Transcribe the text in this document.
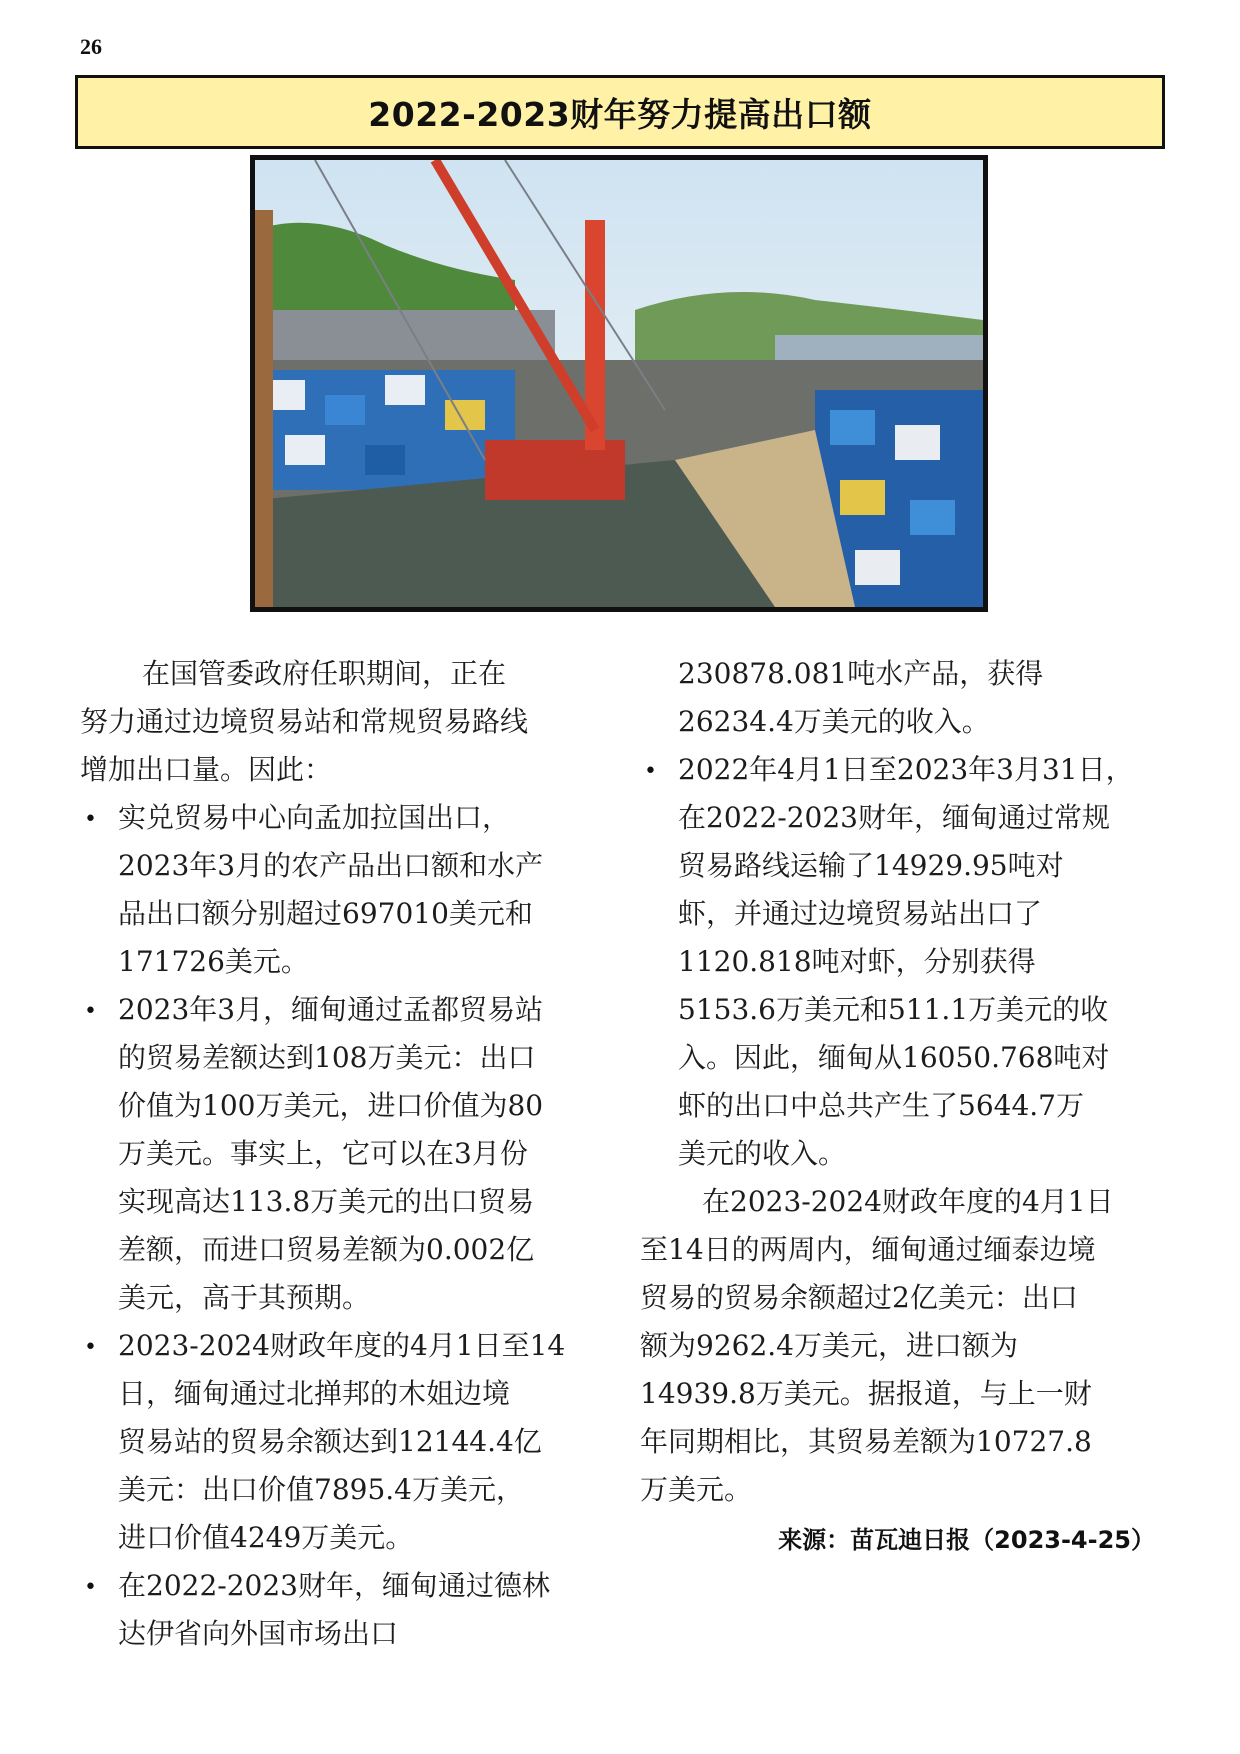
26
2022-2023财年努力提高出口额
在国管委政府任职期间，正在
努力通过边境贸易站和常规贸易路线
增加出口量。因此：
• 实兑贸易中心向孟加拉国出口，
2023年3月的农产品出口额和水产
品出口额分别超过697010美元和
171726美元。
• 2023年3月，缅甸通过孟都贸易站
的贸易差额达到108万美元：出口
价值为100万美元，进口价值为80
万美元。事实上，它可以在3月份
实现高达113.8万美元的出口贸易
差额，而进口贸易差额为0.002亿
美元，高于其预期。
• 2023-2024财政年度的4月1日至14
日，缅甸通过北掸邦的木姐边境
贸易站的贸易余额达到12144.4亿
美元：出口价值7895.4万美元，
进口价值4249万美元。
• 在2022-2023财年，缅甸通过德林
达伊省向外国市场出口
230878.081吨水产品，获得
26234.4万美元的收入。
• 2022年4月1日至2023年3月31日，
在2022-2023财年，缅甸通过常规
贸易路线运输了14929.95吨对
虾，并通过边境贸易站出口了
1120.818吨对虾，分别获得
5153.6万美元和511.1万美元的收
入。因此，缅甸从16050.768吨对
虾的出口中总共产生了5644.7万
美元的收入。
在2023-2024财政年度的4月1日
至14日的两周内，缅甸通过缅泰边境
贸易的贸易余额超过2亿美元：出口
额为9262.4万美元，进口额为
14939.8万美元。据报道，与上一财
年同期相比，其贸易差额为10727.8
万美元。
来源：苗瓦迪日报（2023-4-25）
